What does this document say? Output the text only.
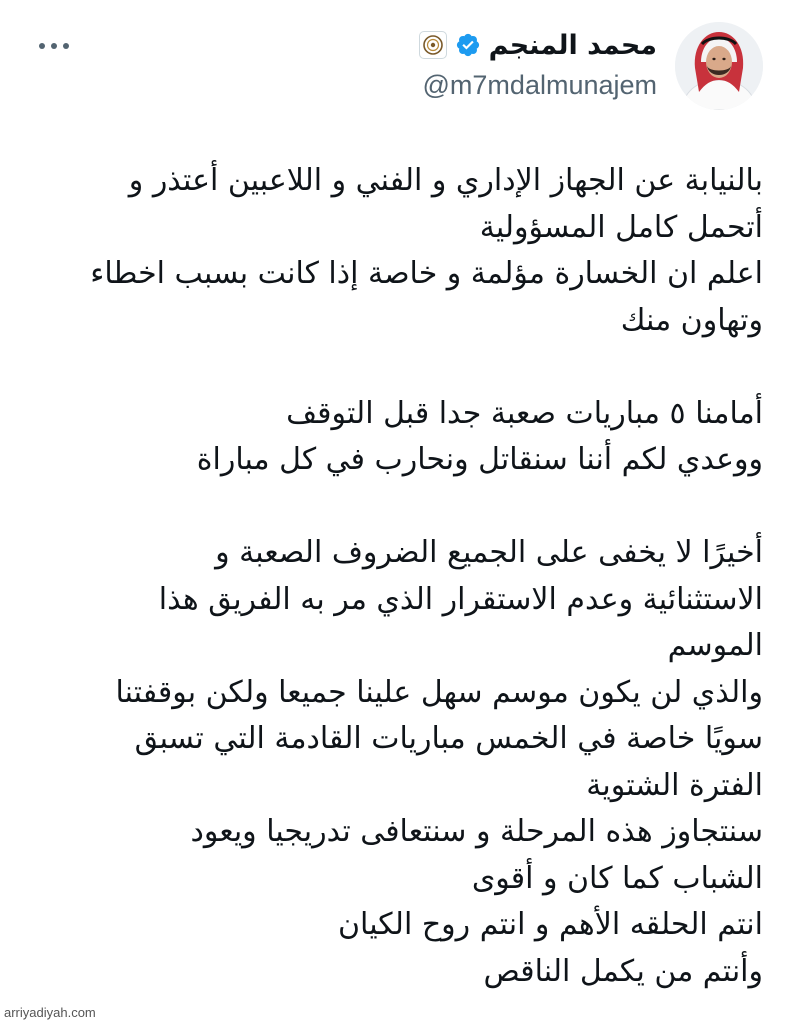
محمد المنجم
@m7mdalmunajem
بالنيابة عن الجهاز الإداري و الفني و اللاعبين أعتذر و
أتحمل كامل المسؤولية
اعلم ان الخسارة مؤلمة و خاصة إذا كانت بسبب اخطاء
وتهاون منك
أمامنا ٥ مباريات صعبة جدا قبل التوقف
ووعدي لكم أننا سنقاتل ونحارب في كل مباراة
أخيرًا لا يخفى على الجميع الضروف الصعبة و
الاستثنائية وعدم الاستقرار الذي مر به الفريق هذا
الموسم
والذي لن يكون موسم سهل علينا جميعا ولكن بوقفتنا
سويًا خاصة في الخمس مباريات القادمة التي تسبق
الفترة الشتوية
سنتجاوز هذه المرحلة و سنتعافى تدريجيا ويعود
الشباب كما كان و أقوى
انتم الحلقه الأهم و انتم روح الكيان
وأنتم من يكمل الناقص
arriyadiyah.com
